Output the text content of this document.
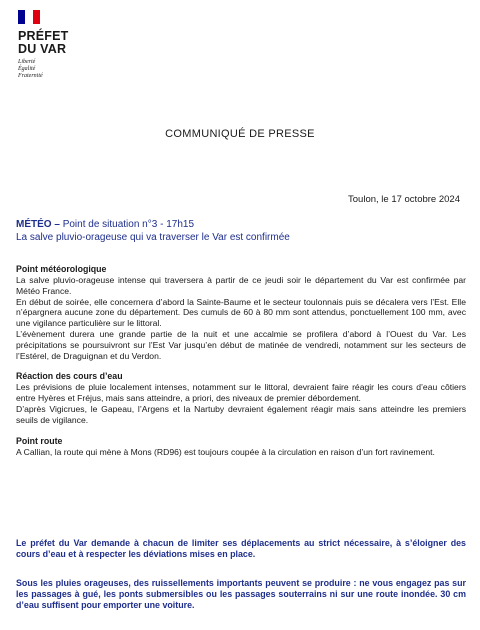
PRÉFET
DU VAR
Liberté
Égalité
Fraternité
COMMUNIQUÉ DE PRESSE
Toulon, le 17 octobre 2024
MÉTÉO – Point de situation n°3 - 17h15
La salve pluvio-orageuse qui va traverser le Var est confirmée
Point météorologique

La salve pluvio-orageuse intense qui traversera à partir de ce jeudi soir le département du Var est confirmée par Météo France.

En début de soirée, elle concernera d’abord la Sainte-Baume et le secteur toulonnais puis se décalera vers l’Est. Elle n’épargnera aucune zone du département. Des cumuls de 60 à 80 mm sont attendus, ponctuellement 100 mm, avec une vigilance particulière sur le littoral.

L’évènement durera une grande partie de la nuit et une accalmie se profilera d’abord à l’Ouest du Var. Les précipitations se poursuivront sur l’Est Var jusqu’en début de matinée de vendredi, notamment sur les secteurs de l’Estérel, de Draguignan et du Verdon.

Réaction des cours d’eau

Les prévisions de pluie localement intenses, notamment sur le littoral, devraient faire réagir les cours d’eau côtiers entre Hyères et Fréjus, mais sans atteindre, a priori, des niveaux de premier débordement.

D’après Vigicrues, le Gapeau, l’Argens et la Nartuby devraient également réagir mais sans atteindre les premiers seuils de vigilance.

Point route

A Callian, la route qui mène à Mons (RD96) est toujours coupée à la circulation en raison d’un fort ravinement.

Le préfet du Var demande à chacun de limiter ses déplacements au strict nécessaire, à s’éloigner des cours d’eau et à respecter les déviations mises en place.

Sous les pluies orageuses, des ruissellements importants peuvent se produire : ne vous engagez pas sur les passages à gué, les ponts submersibles ou les passages souterrains ni sur une route inondée. 30 cm d’eau suffisent pour emporter une voiture.
